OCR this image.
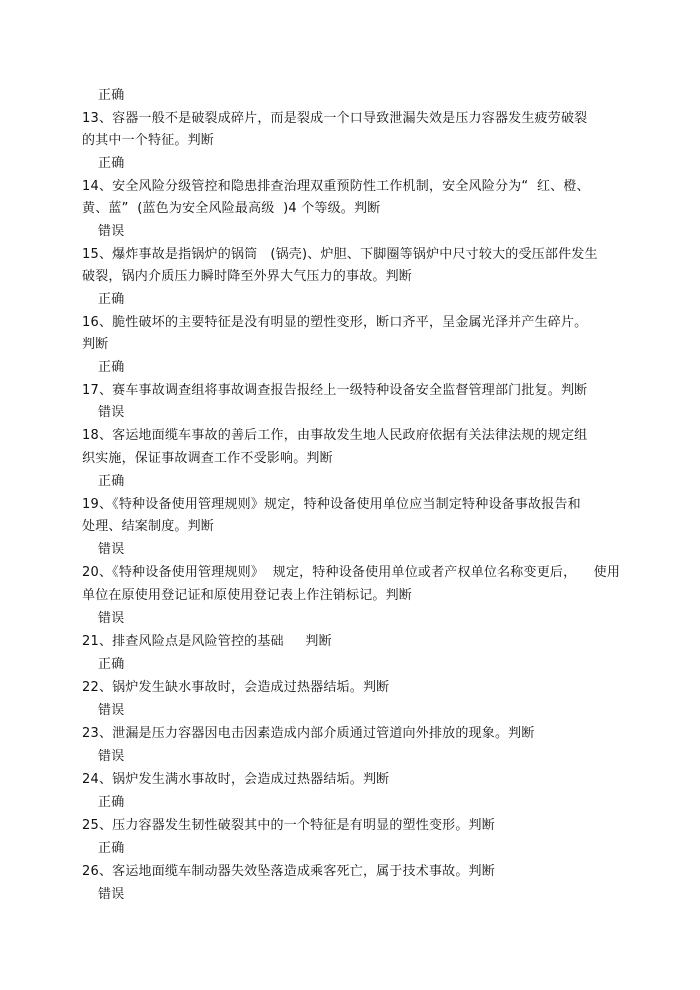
正确
13、容器一般不是破裂成碎片，而是裂成一个口导致泄漏失效是压力容器发生疲劳破裂
的其中一个特征。判断
正确
14、安全风险分级管控和隐患排查治理双重预防性工作机制，安全风险分为“  红、橙、
黄、蓝”  (蓝色为安全风险最高级  )4 个等级。判断
错误
15、爆炸事故是指锅炉的锅筒   (锅壳)、炉胆、下脚圈等锅炉中尺寸较大的受压部件发生
破裂，锅内介质压力瞬时降至外界大气压力的事故。判断
正确
16、脆性破坏的主要特征是没有明显的塑性变形，断口齐平，呈金属光泽并产生碎片。
判断
正确
17、赛车事故调查组将事故调查报告报经上一级特种设备安全监督管理部门批复。判断
错误
18、客运地面缆车事故的善后工作，由事故发生地人民政府依据有关法律法规的规定组
织实施，保证事故调查工作不受影响。判断
正确
19、《特种设备使用管理规则》规定，特种设备使用单位应当制定特种设备事故报告和
处理、结案制度。判断
错误
20、《特种设备使用管理规则》  规定，特种设备使用单位或者产权单位名称变更后，    使用
单位在原使用登记证和原使用登记表上作注销标记。判断
错误
21、排查风险点是风险管控的基础     判断
正确
22、锅炉发生缺水事故时，会造成过热器结垢。判断
错误
23、泄漏是压力容器因电击因素造成内部介质通过管道向外排放的现象。判断
错误
24、锅炉发生满水事故时，会造成过热器结垢。判断
正确
25、压力容器发生韧性破裂其中的一个特征是有明显的塑性变形。判断
正确
26、客运地面缆车制动器失效坠落造成乘客死亡，属于技术事故。判断
错误
